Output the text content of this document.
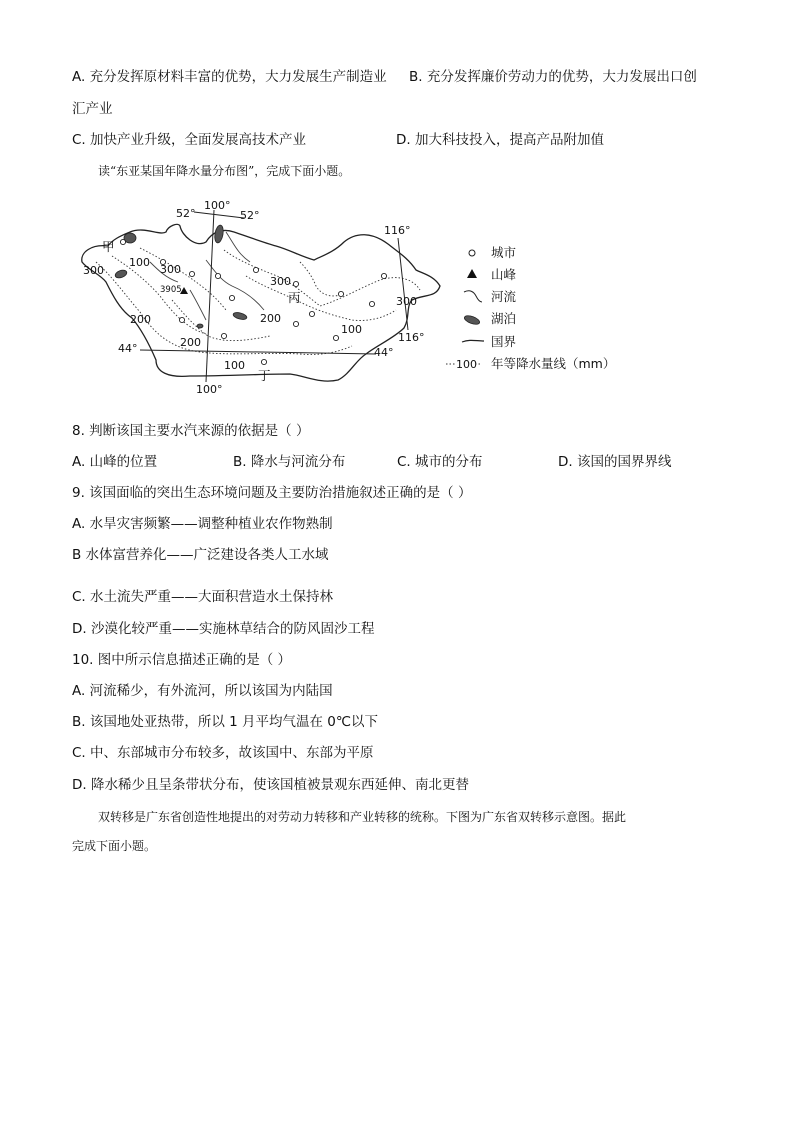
A. 充分发挥原材料丰富的优势，大力发展生产制造业 B. 充分发挥廉价劳动力的优势，大力发展出口创
汇产业
C. 加快产业升级，全面发展高技术产业	D. 加大科技投入，提高产品附加值
读“东亚某国年降水量分布图”，完成下面小题。
100°
52°	52°
116°
116°
44°	44°
100°
300
100
300
300
300
200	200
200
100
100
甲
丙
丁
3905
城市
山峰
河流
湖泊
国界
100 年等降水量线（mm）
8. 判断该国主要水汽来源的依据是（ ）
A. 山峰的位置	B. 降水与河流分布	C. 城市的分布	D. 该国的国界界线
9. 该国面临的突出生态环境问题及主要防治措施叙述正确的是（ ）
A. 水旱灾害频繁——调整种植业农作物熟制
B 水体富营养化——广泛建设各类人工水域
C. 水土流失严重——大面积营造水土保持林
D. 沙漠化较严重——实施林草结合的防风固沙工程
10. 图中所示信息描述正确的是（ ）
A. 河流稀少，有外流河，所以该国为内陆国
B. 该国地处亚热带，所以 1 月平均气温在 0℃以下
C. 中、东部城市分布较多，故该国中、东部为平原
D. 降水稀少且呈条带状分布，使该国植被景观东西延伸、南北更替
双转移是广东省创造性地提出的对劳动力转移和产业转移的统称。下图为广东省双转移示意图。据此
完成下面小题。
